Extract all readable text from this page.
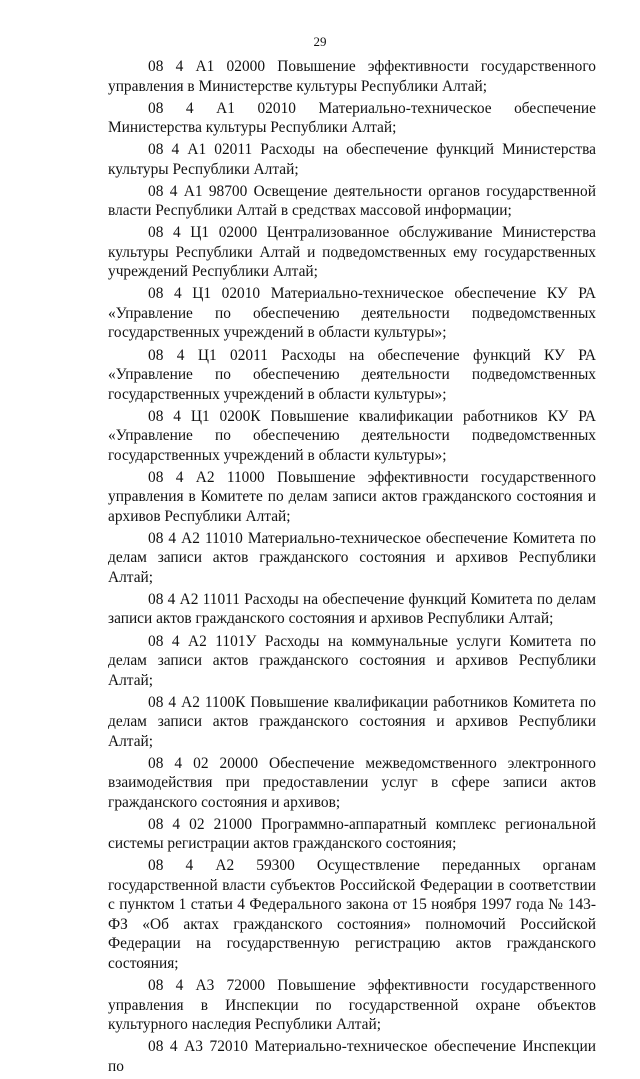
29

08 4 А1 02000 Повышение эффективности государственного управления в Министерстве культуры Республики Алтай;

08 4 А1 02010 Материально-техническое обеспечение Министерства культуры Республики Алтай;

08 4 А1 02011 Расходы на обеспечение функций Министерства культуры Республики Алтай;

08 4 А1 98700 Освещение деятельности органов государственной власти Республики Алтай в средствах массовой информации;

08 4 Ц1 02000 Централизованное обслуживание Министерства культуры Республики Алтай и подведомственных ему государственных учреждений Республики Алтай;

08 4 Ц1 02010 Материально-техническое обеспечение КУ РА «Управление по обеспечению деятельности подведомственных государственных учреждений в области культуры»;

08 4 Ц1 02011 Расходы на обеспечение функций КУ РА «Управление по обеспечению деятельности подведомственных государственных учреждений в области культуры»;

08 4 Ц1 0200К Повышение квалификации работников КУ РА «Управление по обеспечению деятельности подведомственных государственных учреждений в области культуры»;

08 4 А2 11000 Повышение эффективности государственного управления в Комитете по делам записи актов гражданского состояния и архивов Республики Алтай;

08 4 А2 11010 Материально-техническое обеспечение Комитета по делам записи актов гражданского состояния и архивов Республики Алтай;

08 4 А2 11011 Расходы на обеспечение функций Комитета по делам записи актов гражданского состояния и архивов Республики Алтай;

08 4 А2 1101У Расходы на коммунальные услуги Комитета по делам записи актов гражданского состояния и архивов Республики Алтай;

08 4 А2 1100К Повышение квалификации работников Комитета по делам записи актов гражданского состояния и архивов Республики Алтай;

08 4 02 20000 Обеспечение межведомственного электронного взаимодействия при предоставлении услуг в сфере записи актов гражданского состояния и архивов;

08 4 02 21000 Программно-аппаратный комплекс региональной системы регистрации актов гражданского состояния;

08 4 А2 59300 Осуществление переданных органам государственной власти субъектов Российской Федерации в соответствии с пунктом 1 статьи 4 Федерального закона от 15 ноября 1997 года № 143-ФЗ «Об актах гражданского состояния» полномочий Российской Федерации на государственную регистрацию актов гражданского состояния;

08 4 А3 72000 Повышение эффективности государственного управления в Инспекции по государственной охране объектов культурного наследия Республики Алтай;

08 4 А3 72010 Материально-техническое обеспечение Инспекции по
